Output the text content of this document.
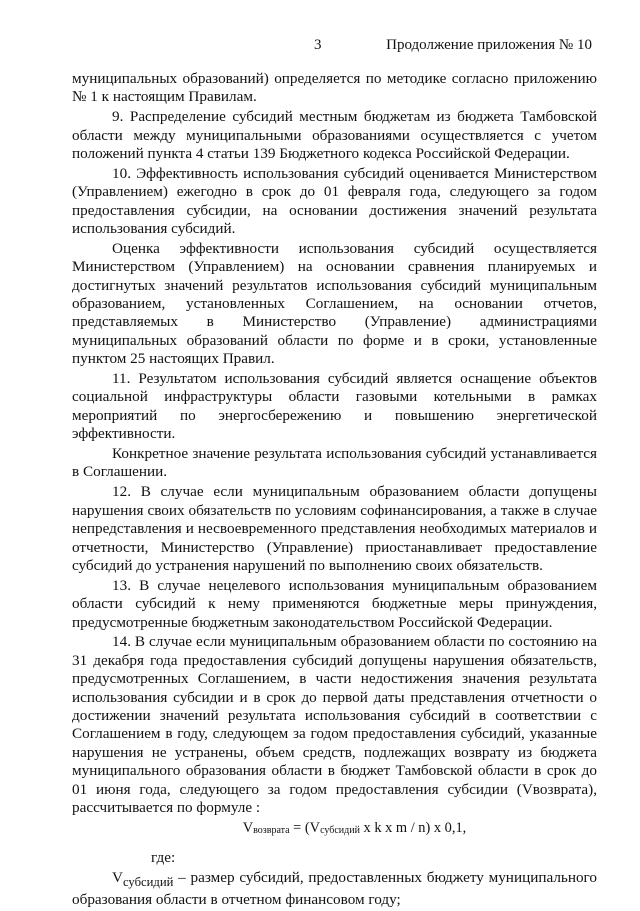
3	Продолжение приложения № 10

муниципальных образований) определяется по методике согласно приложению № 1 к настоящим Правилам.

9. Распределение субсидий местным бюджетам из бюджета Тамбовской области между муниципальными образованиями осуществляется с учетом положений пункта 4 статьи 139 Бюджетного кодекса Российской Федерации.

10. Эффективность использования субсидий оценивается Министерством (Управлением) ежегодно в срок до 01 февраля года, следующего за годом предоставления субсидии, на основании достижения значений результата использования субсидий.

Оценка эффективности использования субсидий осуществляется Министерством (Управлением) на основании сравнения планируемых и достигнутых значений результатов использования субсидий муниципальным образованием, установленных Соглашением, на основании отчетов, представляемых в Министерство (Управление) администрациями муниципальных образований области по форме и в сроки, установленные пунктом 25 настоящих Правил.

11. Результатом использования субсидий является оснащение объектов социальной инфраструктуры области газовыми котельными в рамках мероприятий по энергосбережению и повышению энергетической эффективности.

Конкретное значение результата использования субсидий устанавливается в Соглашении.

12. В случае если муниципальным образованием области допущены нарушения своих обязательств по условиям софинансирования, а также в случае непредставления и несвоевременного представления необходимых материалов и отчетности, Министерство (Управление) приостанавливает предоставление субсидий до устранения нарушений по выполнению своих обязательств.

13. В случае нецелевого использования муниципальным образованием области субсидий к нему применяются бюджетные меры принуждения, предусмотренные бюджетным законодательством Российской Федерации.

14. В случае если муниципальным образованием области по состоянию на 31 декабря года предоставления субсидий допущены нарушения обязательств, предусмотренных Соглашением, в части недостижения значения результата использования субсидии и в срок до первой даты представления отчетности о достижении значений результата использования субсидий в соответствии с Соглашением в году, следующем за годом предоставления субсидий, указанные нарушения не устранены, объем средств, подлежащих возврату из бюджета муниципального образования области в бюджет Тамбовской области в срок до 01 июня года, следующего за годом предоставления субсидии (Vвозврата), рассчитывается по формуле :

$V_{возврата} = (V_{субсидий}$ x k x m / n) x 0,1,

где:

$V_{субсидий}$ – размер субсидий, предоставленных бюджету муниципального образования области в отчетном финансовом году;
